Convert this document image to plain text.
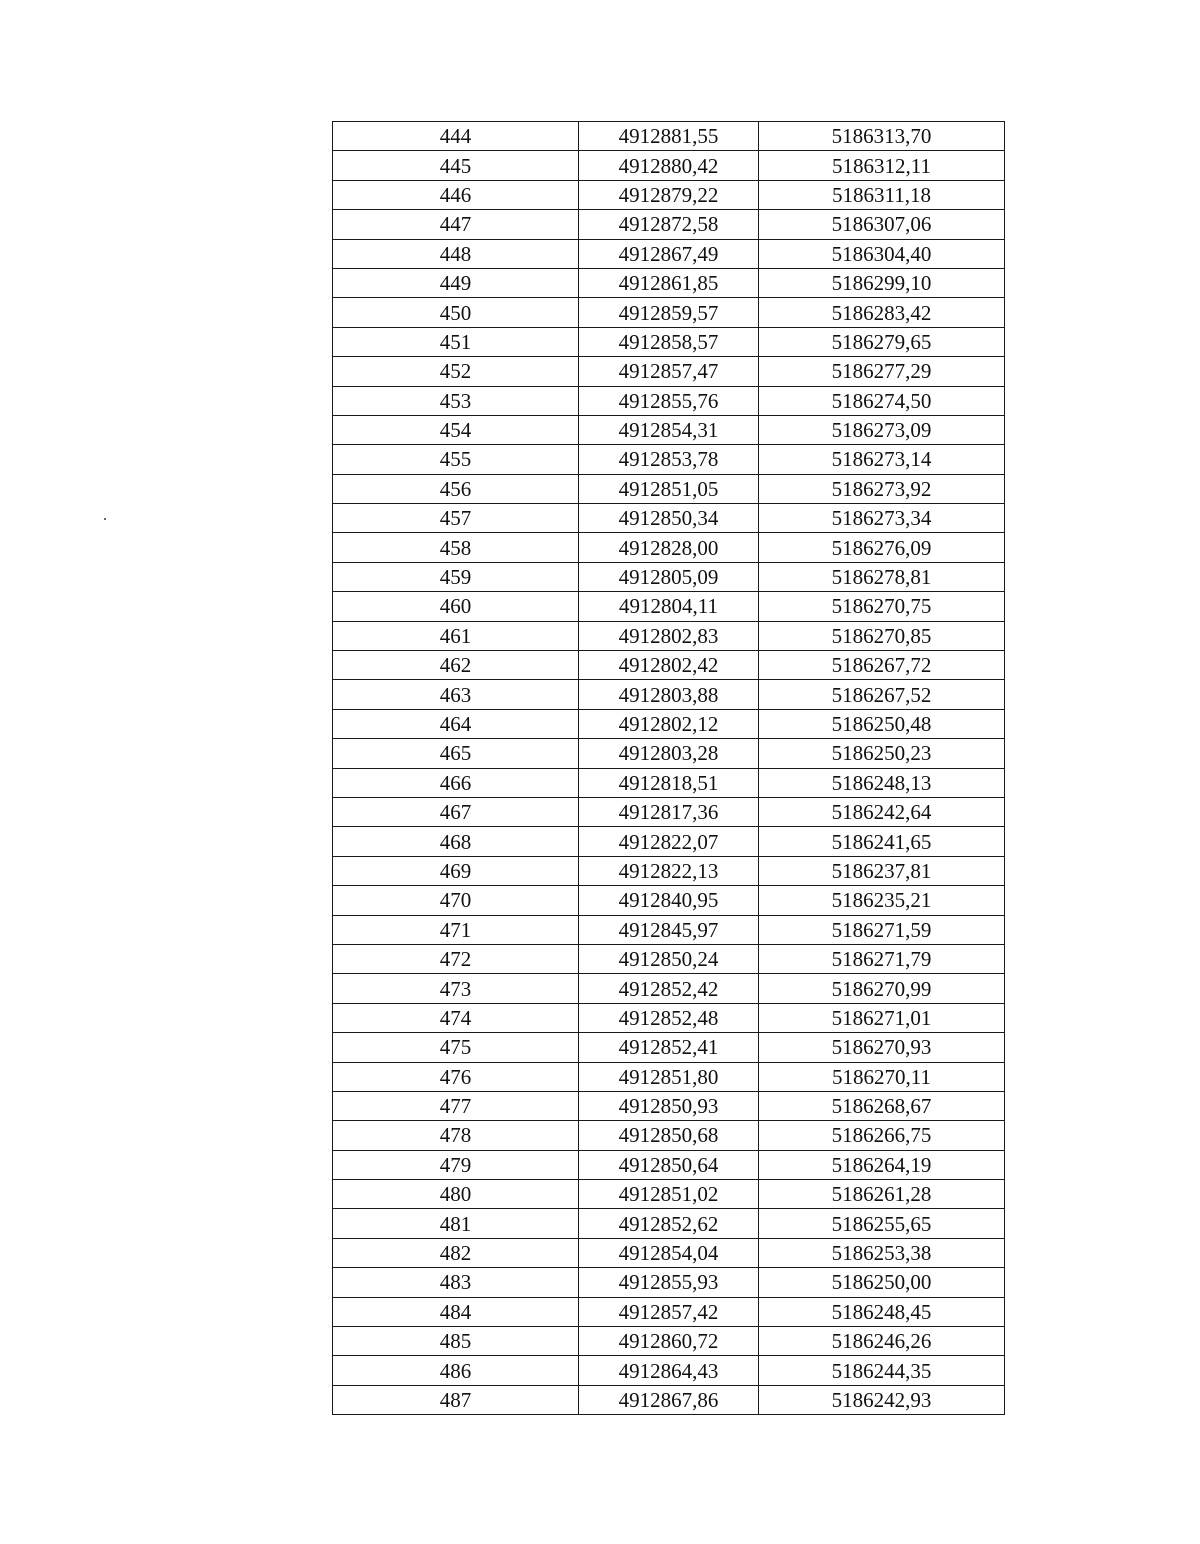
444	4912881,55	5186313,70
445	4912880,42	5186312,11
446	4912879,22	5186311,18
447	4912872,58	5186307,06
448	4912867,49	5186304,40
449	4912861,85	5186299,10
450	4912859,57	5186283,42
451	4912858,57	5186279,65
452	4912857,47	5186277,29
453	4912855,76	5186274,50
454	4912854,31	5186273,09
455	4912853,78	5186273,14
456	4912851,05	5186273,92
457	4912850,34	5186273,34
458	4912828,00	5186276,09
459	4912805,09	5186278,81
460	4912804,11	5186270,75
461	4912802,83	5186270,85
462	4912802,42	5186267,72
463	4912803,88	5186267,52
464	4912802,12	5186250,48
465	4912803,28	5186250,23
466	4912818,51	5186248,13
467	4912817,36	5186242,64
468	4912822,07	5186241,65
469	4912822,13	5186237,81
470	4912840,95	5186235,21
471	4912845,97	5186271,59
472	4912850,24	5186271,79
473	4912852,42	5186270,99
474	4912852,48	5186271,01
475	4912852,41	5186270,93
476	4912851,80	5186270,11
477	4912850,93	5186268,67
478	4912850,68	5186266,75
479	4912850,64	5186264,19
480	4912851,02	5186261,28
481	4912852,62	5186255,65
482	4912854,04	5186253,38
483	4912855,93	5186250,00
484	4912857,42	5186248,45
485	4912860,72	5186246,26
486	4912864,43	5186244,35
487	4912867,86	5186242,93
